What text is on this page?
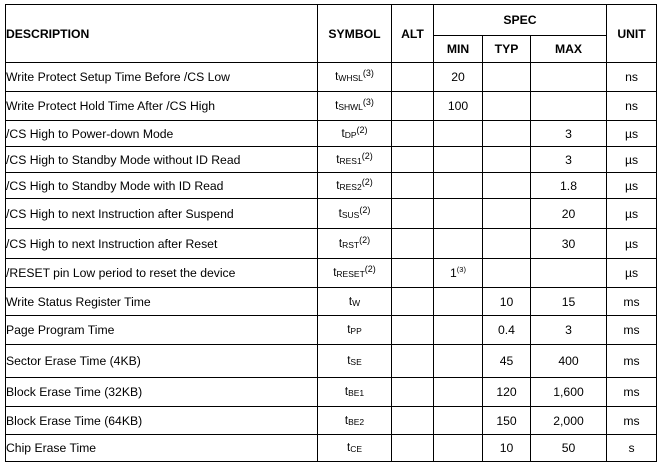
DESCRIPTION	SYMBOL	ALT	SPEC			UNIT
			MIN	TYP	MAX	
Write Protect Setup Time Before /CS Low	$t_{WHSL}^{(3)}$		20			ns
Write Protect Hold Time After /CS High	$t_{SHWL}^{(3)}$		100			ns
/CS High to Power-down Mode	$t_{DP}^{(2)}$				3	µs
/CS High to Standby Mode without ID Read	$t_{RES1}^{(2)}$				3	µs
/CS High to Standby Mode with ID Read	$t_{RES2}^{(2)}$				1.8	µs
/CS High to next Instruction after Suspend	$t_{SUS}^{(2)}$				20	µs
/CS High to next Instruction after Reset	$t_{RST}^{(2)}$				30	µs
/RESET pin Low period to reset the device	$t_{RESET}^{(2)}$		1$^{(3)}$			µs
Write Status Register Time	$t_W$			10	15	ms
Page Program Time	$t_{PP}$			0.4	3	ms
Sector Erase Time (4KB)	$t_{SE}$			45	400	ms
Block Erase Time (32KB)	$t_{BE1}$			120	1,600	ms
Block Erase Time (64KB)	$t_{BE2}$			150	2,000	ms
Chip Erase Time	$t_{CE}$			10	50	s
